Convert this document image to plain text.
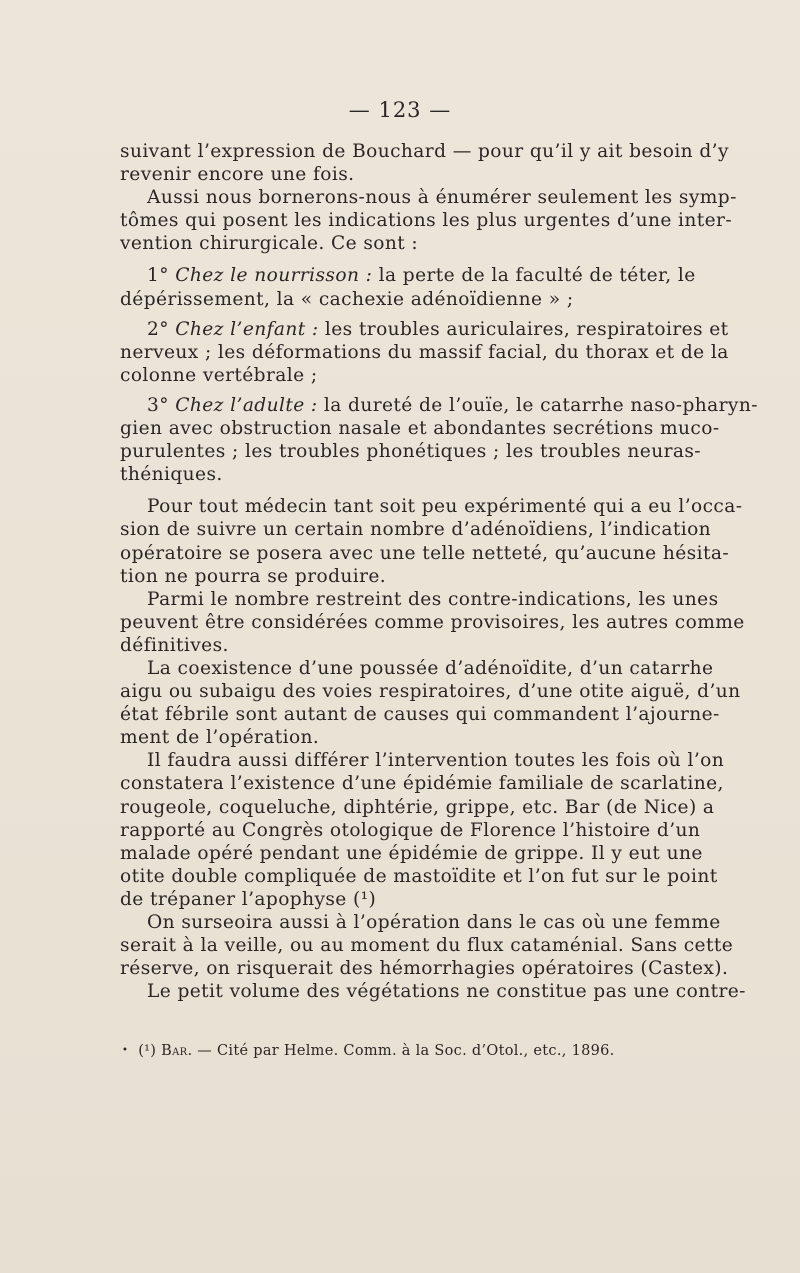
— 123 —

suivant l’expression de Bouchard — pour qu’il y ait besoin d’y
revenir encore une fois.

Aussi nous bornerons-nous à énumérer seulement les symp-
tômes qui posent les indications les plus urgentes d’une inter-
vention chirurgicale. Ce sont :

1° Chez le nourrisson : la perte de la faculté de téter, le
dépérissement, la « cachexie adénoïdienne » ;

2° Chez l’enfant : les troubles auriculaires, respiratoires et
nerveux ; les déformations du massif facial, du thorax et de la
colonne vertébrale ;

3° Chez l’adulte : la dureté de l’ouïe, le catarrhe naso-pharyn-
gien avec obstruction nasale et abondantes secrétions muco-
purulentes ; les troubles phonétiques ; les troubles neuras-
théniques.

Pour tout médecin tant soit peu expérimenté qui a eu l’occa-
sion de suivre un certain nombre d’adénoïdiens, l’indication
opératoire se posera avec une telle netteté, qu’aucune hésita-
tion ne pourra se produire.

Parmi le nombre restreint des contre-indications, les unes
peuvent être considérées comme provisoires, les autres comme
définitives.

La coexistence d’une poussée d’adénoïdite, d’un catarrhe
aigu ou subaigu des voies respiratoires, d’une otite aiguë, d’un
état fébrile sont autant de causes qui commandent l’ajourne-
ment de l’opération.

Il faudra aussi différer l’intervention toutes les fois où l’on
constatera l’existence d’une épidémie familiale de scarlatine,
rougeole, coqueluche, diphtérie, grippe, etc. Bar (de Nice) a
rapporté au Congrès otologique de Florence l’histoire d’un
malade opéré pendant une épidémie de grippe. Il y eut une
otite double compliquée de mastoïdite et l’on fut sur le point
de trépaner l’apophyse (¹)

On surseoira aussi à l’opération dans le cas où une femme
serait à la veille, ou au moment du flux cataménial. Sans cette
réserve, on risquerait des hémorrhagies opératoires (Castex).

Le petit volume des végétations ne constitue pas une contre-

• (¹) Bar. — Cité par Helme. Comm. à la Soc. d’Otol., etc., 1896.
